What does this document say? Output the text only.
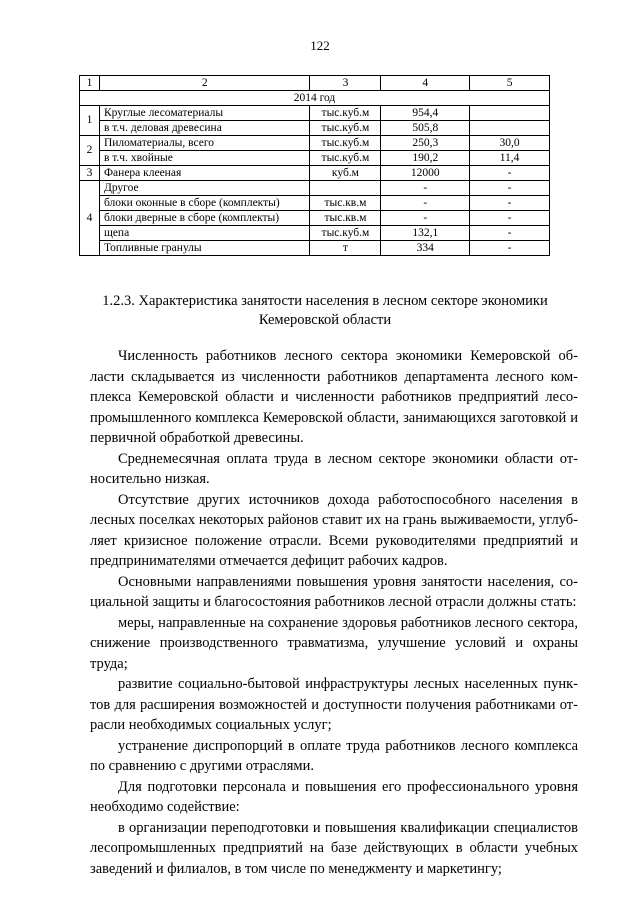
122
1	2	3	4	5
2014 год				
1	Круглые лесоматериалы	тыс.куб.м	954,4	
	в т.ч. деловая древесина	тыс.куб.м	505,8	
2	Пиломатериалы, всего	тыс.куб.м	250,3	30,0
	в т.ч. хвойные	тыс.куб.м	190,2	11,4
3	Фанера клееная	куб.м	12000	-
4	Другое		-	-
	блоки оконные в сборе (комплекты)	тыс.кв.м	-	-
	блоки дверные в сборе (комплекты)	тыс.кв.м	-	-
	щепа	тыс.куб.м	132,1	-
	Топливные гранулы	т	334	-
1.2.3. Характеристика занятости населения в лесном секторе экономики
Кемеровской области

Численность работников лесного сектора экономики Кемеровской области складывается из численности работников департамента лесного комплекса Кемеровской области и численности работников предприятий лесопромышленного комплекса Кемеровской области, занимающихся заготовкой и первичной обработкой древесины.

Среднемесячная оплата труда в лесном секторе экономики области относительно низкая.

Отсутствие других источников дохода работоспособного населения в лесных поселках некоторых районов ставит их на грань выживаемости, углубляет кризисное положение отрасли. Всеми руководителями предприятий и предпринимателями отмечается дефицит рабочих кадров.

Основными направлениями повышения уровня занятости населения, социальной защиты и благосостояния работников лесной отрасли должны стать:

меры, направленные на сохранение здоровья работников лесного сектора, снижение производственного травматизма, улучшение условий и охраны труда;

развитие социально-бытовой инфраструктуры лесных населенных пунктов для расширения возможностей и доступности получения работниками отрасли необходимых социальных услуг;

устранение диспропорций в оплате труда работников лесного комплекса по сравнению с другими отраслями.

Для подготовки персонала и повышения его профессионального уровня необходимо содействие:

в организации переподготовки и повышения квалификации специалистов лесопромышленных предприятий на базе действующих в области учебных заведений и филиалов, в том числе по менеджменту и маркетингу;
